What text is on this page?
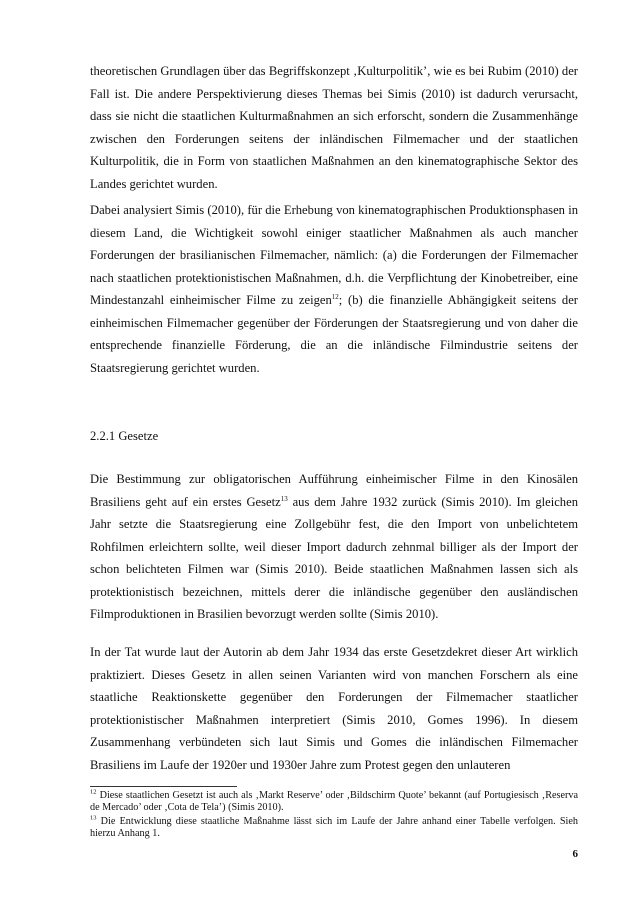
theoretischen Grundlagen über das Begriffskonzept ‚Kulturpolitik’, wie es bei Rubim (2010) der Fall ist. Die andere Perspektivierung dieses Themas bei Simis (2010) ist dadurch verursacht, dass sie nicht die staatlichen Kulturmaßnahmen an sich erforscht, sondern die Zusammenhänge zwischen den Forderungen seitens der inländischen Filmemacher und der staatlichen Kulturpolitik, die in Form von staatlichen Maßnahmen an den kinematographische Sektor des Landes gerichtet wurden.

Dabei analysiert Simis (2010), für die Erhebung von kinematographischen Produktionsphasen in diesem Land, die Wichtigkeit sowohl einiger staatlicher Maßnahmen als auch mancher Forderungen der brasilianischen Filmemacher, nämlich: (a) die Forderungen der Filmemacher nach staatlichen protektionistischen Maßnahmen, d.h. die Verpflichtung der Kinobetreiber, eine Mindestanzahl einheimischer Filme zu zeigen$^{12}$; (b) die finanzielle Abhängigkeit seitens der einheimischen Filmemacher gegenüber der Förderungen der Staatsregierung und von daher die entsprechende finanzielle Förderung, die an die inländische Filmindustrie seitens der Staatsregierung gerichtet wurden.

2.2.1 Gesetze

Die Bestimmung zur obligatorischen Aufführung einheimischer Filme in den Kinosälen Brasiliens geht auf ein erstes Gesetz$^{13}$ aus dem Jahre 1932 zurück (Simis 2010). Im gleichen Jahr setzte die Staatsregierung eine Zollgebühr fest, die den Import von unbelichtetem Rohfilmen erleichtern sollte, weil dieser Import dadurch zehnmal billiger als der Import der schon belichteten Filmen war (Simis 2010). Beide staatlichen Maßnahmen lassen sich als protektionistisch bezeichnen, mittels derer die inländische gegenüber den ausländischen Filmproduktionen in Brasilien bevorzugt werden sollte (Simis 2010).

In der Tat wurde laut der Autorin ab dem Jahr 1934 das erste Gesetzdekret dieser Art wirklich praktiziert. Dieses Gesetz in allen seinen Varianten wird von manchen Forschern als eine staatliche Reaktionskette gegenüber den Forderungen der Filmemacher staatlicher protektionistischer Maßnahmen interpretiert (Simis 2010, Gomes 1996). In diesem Zusammenhang verbündeten sich laut Simis und Gomes die inländischen Filmemacher Brasiliens im Laufe der 1920er und 1930er Jahre zum Protest gegen den unlauteren

$^{12}$ Diese staatlichen Gesetzt ist auch als ‚Markt Reserve’ oder ‚Bildschirm Quote’ bekannt (auf Portugiesisch ‚Reserva de Mercado’ oder ‚Cota de Tela’) (Simis 2010).

$^{13}$ Die Entwicklung diese staatliche Maßnahme lässt sich im Laufe der Jahre anhand einer Tabelle verfolgen. Sieh hierzu Anhang 1.

6
